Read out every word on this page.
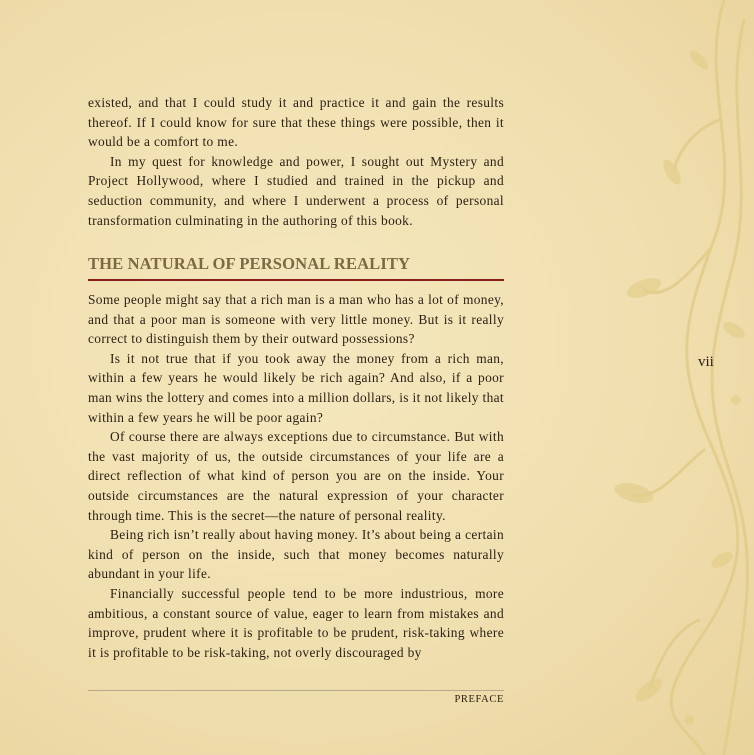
existed, and that I could study it and practice it and gain the results thereof. If I could know for sure that these things were possible, then it would be a comfort to me.

In my quest for knowledge and power, I sought out Mystery and Project Hollywood, where I studied and trained in the pickup and seduction community, and where I underwent a process of personal transformation culminating in the authoring of this book.

THE NATURAL OF PERSONAL REALITY

Some people might say that a rich man is a man who has a lot of money, and that a poor man is someone with very little money. But is it really correct to distinguish them by their outward possessions?

Is it not true that if you took away the money from a rich man, within a few years he would likely be rich again? And also, if a poor man wins the lottery and comes into a million dollars, is it not likely that within a few years he will be poor again?

Of course there are always exceptions due to circumstance. But with the vast majority of us, the outside circumstances of your life are a direct reflection of what kind of person you are on the inside. Your outside circumstances are the natural expression of your character through time. This is the secret—the nature of personal reality.

Being rich isn’t really about having money. It’s about being a certain kind of person on the inside, such that money becomes naturally abundant in your life.

Financially successful people tend to be more industrious, more ambitious, a constant source of value, eager to learn from mistakes and improve, prudent where it is profitable to be prudent, risk-taking where it is profitable to be risk-taking, not overly discouraged by

vii
PREFACE
